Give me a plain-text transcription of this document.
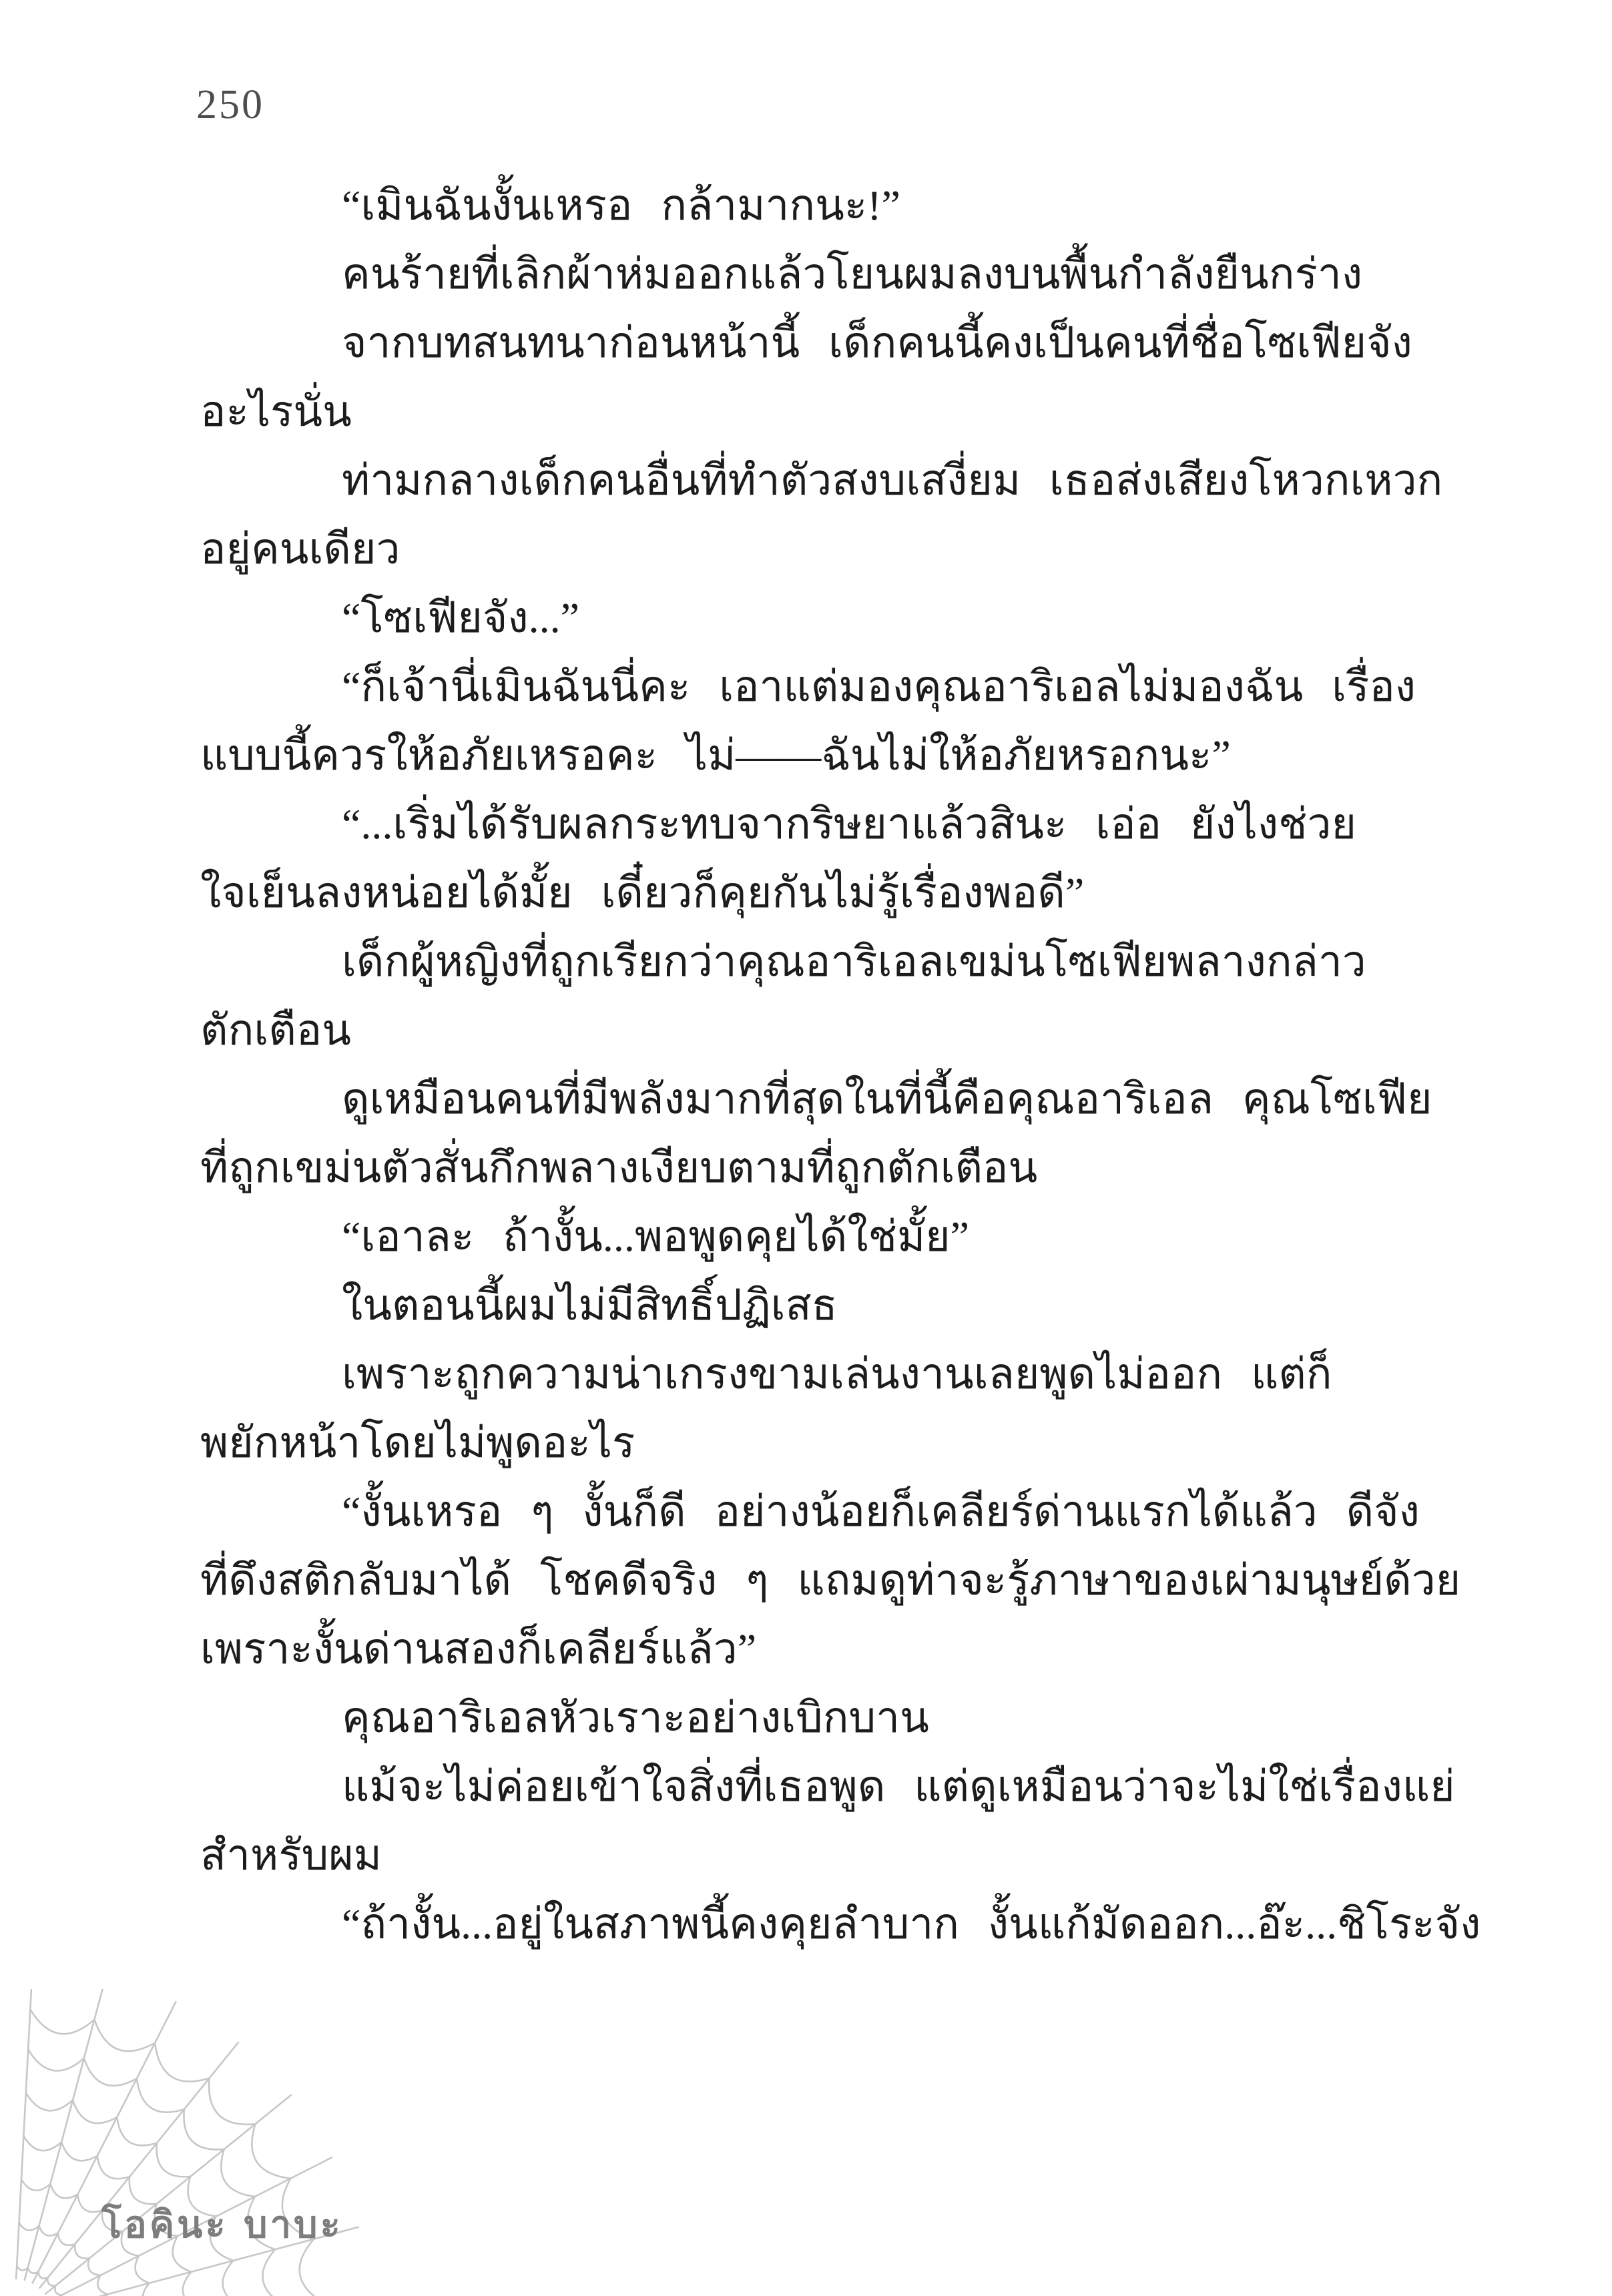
250
“เมินฉันงั้นเหรอ กล้ามากนะ!”
คนร้ายที่เลิกผ้าห่มออกแล้วโยนผมลงบนพื้นกำลังยืนกร่าง
จากบทสนทนาก่อนหน้านี้ เด็กคนนี้คงเป็นคนที่ชื่อโซเฟียจัง
อะไรนั่น
ท่ามกลางเด็กคนอื่นที่ทำตัวสงบเสงี่ยม เธอส่งเสียงโหวกเหวก
อยู่คนเดียว
“โซเฟียจัง...”
“ก็เจ้านี่เมินฉันนี่คะ เอาแต่มองคุณอาริเอลไม่มองฉัน เรื่อง
แบบนี้ควรให้อภัยเหรอคะ ไม่——ฉันไม่ให้อภัยหรอกนะ”
“...เริ่มได้รับผลกระทบจากริษยาแล้วสินะ เอ่อ ยังไงช่วย
ใจเย็นลงหน่อยได้มั้ย เดี๋ยวก็คุยกันไม่รู้เรื่องพอดี”
เด็กผู้หญิงที่ถูกเรียกว่าคุณอาริเอลเขม่นโซเฟียพลางกล่าว
ตักเตือน
ดูเหมือนคนที่มีพลังมากที่สุดในที่นี้คือคุณอาริเอล คุณโซเฟีย
ที่ถูกเขม่นตัวสั่นกึกพลางเงียบตามที่ถูกตักเตือน
“เอาละ ถ้างั้น...พอพูดคุยได้ใช่มั้ย”
ในตอนนี้ผมไม่มีสิทธิ์ปฏิเสธ
เพราะถูกความน่าเกรงขามเล่นงานเลยพูดไม่ออก แต่ก็
พยักหน้าโดยไม่พูดอะไร
“งั้นเหรอ ๆ งั้นก็ดี อย่างน้อยก็เคลียร์ด่านแรกได้แล้ว ดีจัง
ที่ดึงสติกลับมาได้ โชคดีจริง ๆ แถมดูท่าจะรู้ภาษาของเผ่ามนุษย์ด้วย
เพราะงั้นด่านสองก็เคลียร์แล้ว”
คุณอาริเอลหัวเราะอย่างเบิกบาน
แม้จะไม่ค่อยเข้าใจสิ่งที่เธอพูด แต่ดูเหมือนว่าจะไม่ใช่เรื่องแย่
สำหรับผม
“ถ้างั้น...อยู่ในสภาพนี้คงคุยลำบาก งั้นแก้มัดออก...อ๊ะ...ชิโระจัง
โอคินะ บาบะ
